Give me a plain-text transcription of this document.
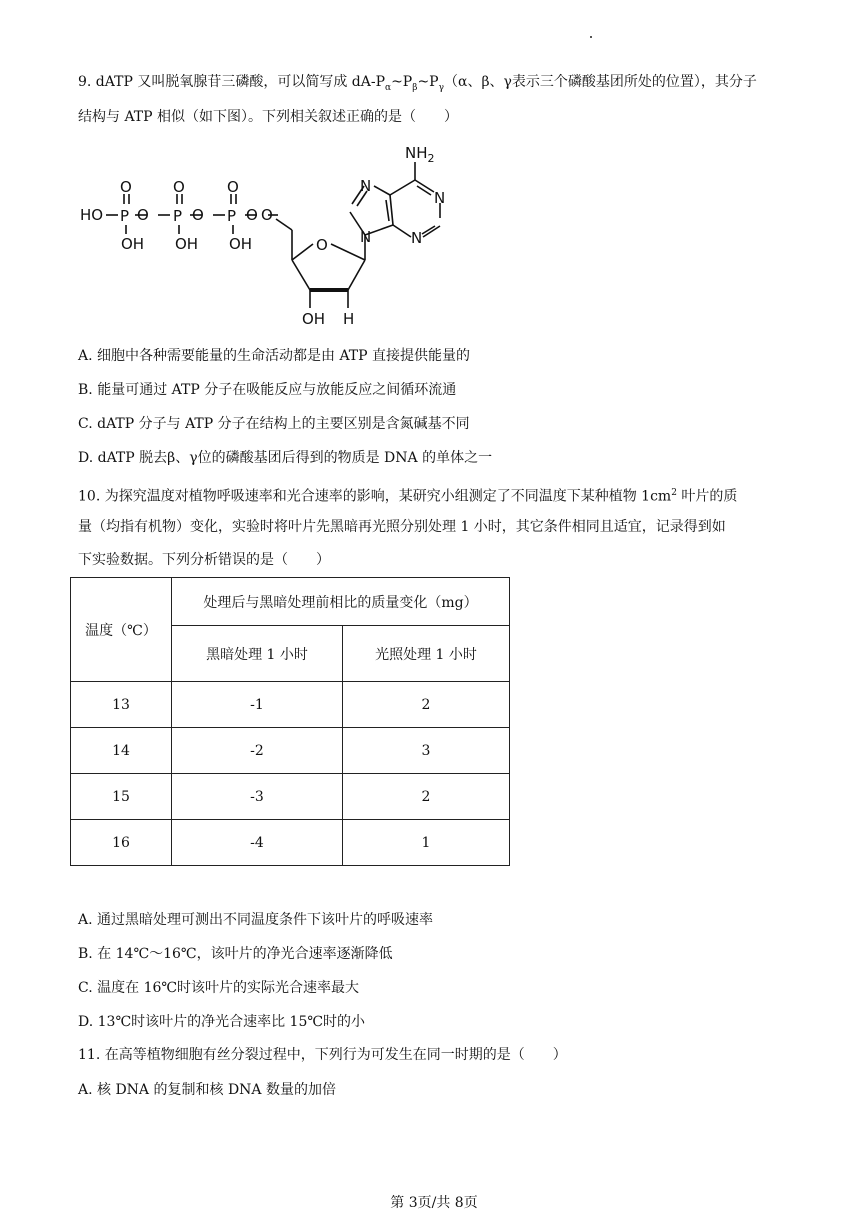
9. dATP 又叫脱氧腺苷三磷酸，可以简写成 $dA-P_\alpha\sim P_\beta\sim P_\gamma(\alpha$、β、γ表示三个磷酸基团所处的位置），其分子
结构与 ATP 相似（如下图）。下列相关叙述正确的是（　　）
HO
O
P O
OH
O
P O
OH
O
P O
OH
O
O
OH H
N
N
$NH_2$
N
N
A. 细胞中各种需要能量的生命活动都是由 ATP 直接提供能量的
B. 能量可通过 ATP 分子在吸能反应与放能反应之间循环流通
C. dATP 分子与 ATP 分子在结构上的主要区别是含氮碱基不同
D. dATP 脱去β、γ位的磷酸基团后得到的物质是 DNA 的单体之一
10. 为探究温度对植物呼吸速率和光合速率的影响，某研究小组测定了不同温度下某种植物 $1cm^2$ 叶片的质
量（均指有机物）变化，实验时将叶片先黑暗再光照分别处理 1 小时，其它条件相同且适宜，记录得到如
下实验数据。下列分析错误的是（　　）
温度（℃）	处理后与黑暗处理前相比的质量变化（mg）	
	黑暗处理 1 小时	光照处理 1 小时
13	-1	2
14	-2	3
15	-3	2
16	-4	1
A. 通过黑暗处理可测出不同温度条件下该叶片的呼吸速率
B. 在 14℃～16℃，该叶片的净光合速率逐渐降低
C. 温度在 16℃时该叶片的实际光合速率最大
D. 13℃时该叶片的净光合速率比 15℃时的小
11. 在高等植物细胞有丝分裂过程中，下列行为可发生在同一时期的是（　　）
A. 核 DNA 的复制和核 DNA 数量的加倍
第 3页/共 8页
